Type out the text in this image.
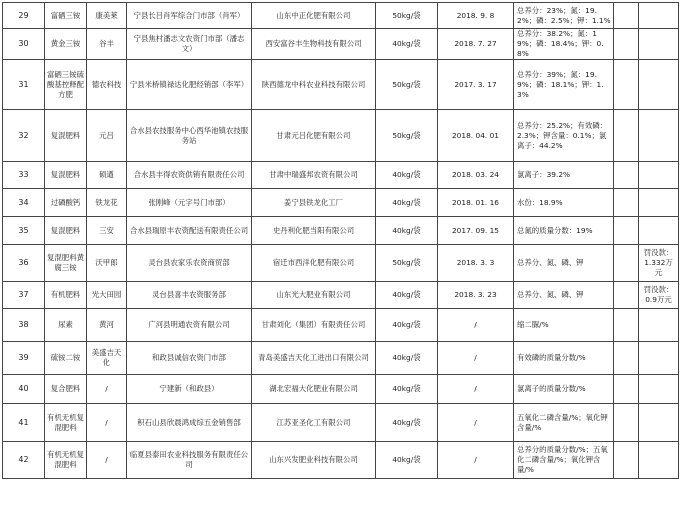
29	富硒三铵	康美莱	宁县长吕肖军综合门市部（肖军）	山东中正化肥有限公司	50kg/袋	2018. 9. 8	总养分：23%；氮：19.2%；磷：2.5%；钾：1.1%		
30	黄金三铵	谷丰	宁县焦村潘志文农资门市部（潘志文）	西安富谷丰生物科技有限公司	40kg/袋	2018. 7. 27	总养分：38.2%；氮：19%；磷：18.4%；钾：0.8%		
31	富硒三铵硫酸基控释配方肥	德农科技	宁县米桥镇禄达化肥经销部（李军）	陕西德龙中科农业科技有限公司	50kg/袋	2017. 3. 17	总养分：39%；氮：19.9%；磷：18.1%；钾：1.3%		
32	复混肥料	元吕	合水县农技服务中心西华池镇农技服务站	甘肃元吕化肥有限公司	50kg/袋	2018. 04. 01	总养分：25.2%；有效磷：2.3%；钾含量：0.1%；氯离子：44.2%		
33	复混肥料	硕遒	合水县丰得农资供销有限责任公司	甘肃中瑞盛邦农资有限公司	40kg/袋	2018. 03. 24	氯离子：39.2%		
34	过磷酸钙	铁龙花	张刚峰（元字号门市部）	姜宁县铁龙化工厂	40kg/袋	2018. 01. 16	水份：18.9%		
35	复混肥料	三安	合水县瑞原丰农资配送有限责任公司	史丹利化肥当阳有限公司	40kg/袋	2017. 09. 15	总氮的质量分数：19%		
36	复混肥料黄腐三铵	沃甲郎	灵台县农家乐农资商贸部	宿迁市西洋化肥有限公司	50kg/袋	2018. 3. 3	总养分、氮、磷、钾		罚没款：1.332万元
37	有机肥料	光大田园	灵台县喜丰农资服务部	山东光大肥业有限公司	40kg/袋	2018. 3. 23	总养分、氮、磷、钾		罚没款：0.9万元
38	尿素	黄河	广河县明通农资有限公司	甘肃刘化（集团）有限责任公司	40kg/袋	/	缩二脲/%		
39	硫铵二铵	美盛吉天化	和政县诚信农资门市部	青岛美盛吉天化工进出口有限公司	40kg/袋	/	有效磷的质量分数/%		
40	复合肥料	/	宁建新（和政县）	湖北宏福大化肥业有限公司	40kg/袋	/	氯离子的质量分数/%		
41	有机无机复混肥料	/	积石山县欣晨鸿成综五金销售部	江苏亚圣化工有限公司	40kg/袋	/	五氧化二磷含量/%；氧化钾含量/%		
42	有机无机复混肥料	/	临夏县泰田农业科技服务有限责任公司	山东兴发肥业科技有限公司	40kg/袋	/	总养分的质量分数/%；五氧化二磷含量/%；氧化钾含量/%		
